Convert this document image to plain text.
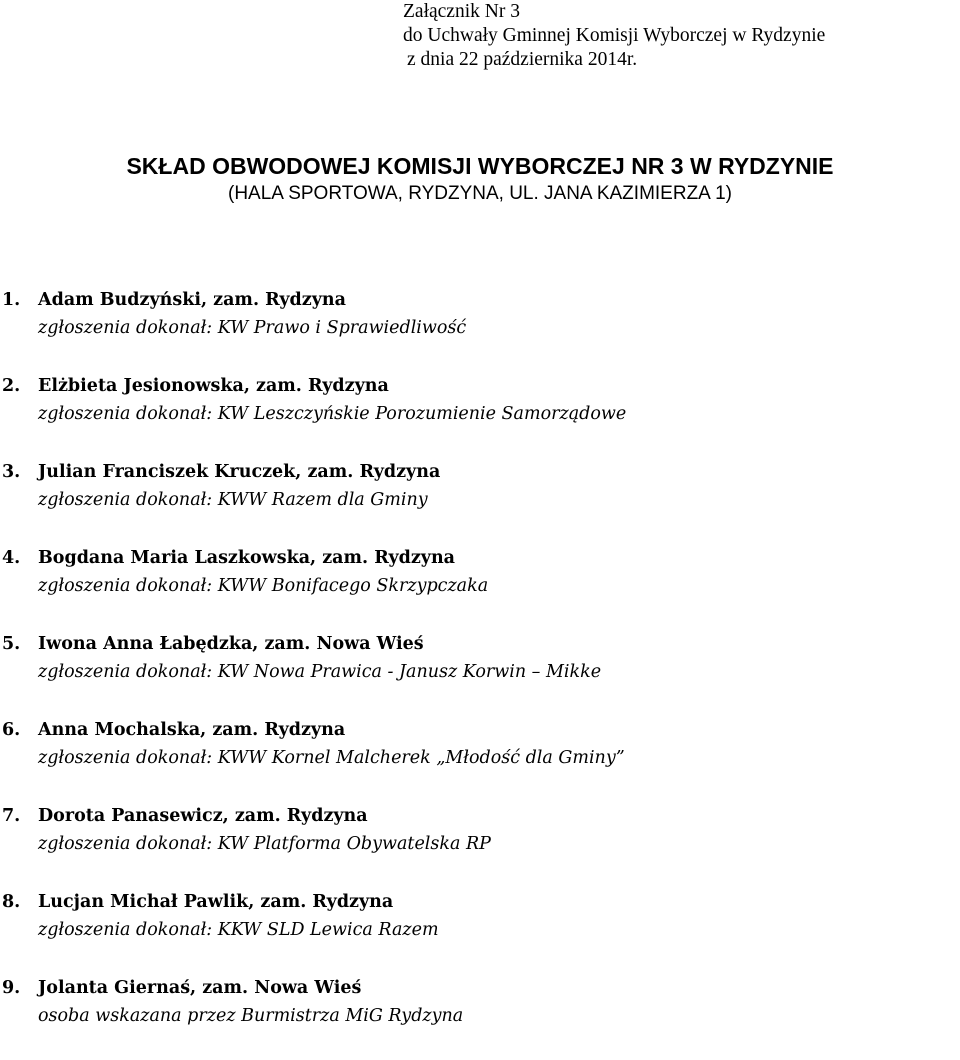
Załącznik Nr 3
do Uchwały Gminnej Komisji Wyborczej w Rydzynie
z dnia 22 października 2014r.
SKŁAD OBWODOWEJ KOMISJI WYBORCZEJ NR 3 W RYDZYNIE
(HALA SPORTOWA, RYDZYNA, UL. JANA KAZIMIERZA 1)
1. Adam Budzyński, zam. Rydzyna
zgłoszenia dokonał: KW Prawo i Sprawiedliwość
2. Elżbieta Jesionowska, zam. Rydzyna
zgłoszenia dokonał: KW Leszczyńskie Porozumienie Samorządowe
3. Julian Franciszek Kruczek, zam. Rydzyna
zgłoszenia dokonał: KWW Razem dla Gminy
4. Bogdana Maria Laszkowska, zam. Rydzyna
zgłoszenia dokonał: KWW Bonifacego Skrzypczaka
5. Iwona Anna Łabędzka, zam. Nowa Wieś
zgłoszenia dokonał: KW Nowa Prawica - Janusz Korwin – Mikke
6. Anna Mochalska, zam. Rydzyna
zgłoszenia dokonał: KWW Kornel Malcherek „Młodość dla Gminy”
7. Dorota Panasewicz, zam. Rydzyna
zgłoszenia dokonał: KW Platforma Obywatelska RP
8. Lucjan Michał Pawlik, zam. Rydzyna
zgłoszenia dokonał: KKW SLD Lewica Razem
9. Jolanta Giernaś, zam. Nowa Wieś
osoba wskazana przez Burmistrza MiG Rydzyna
